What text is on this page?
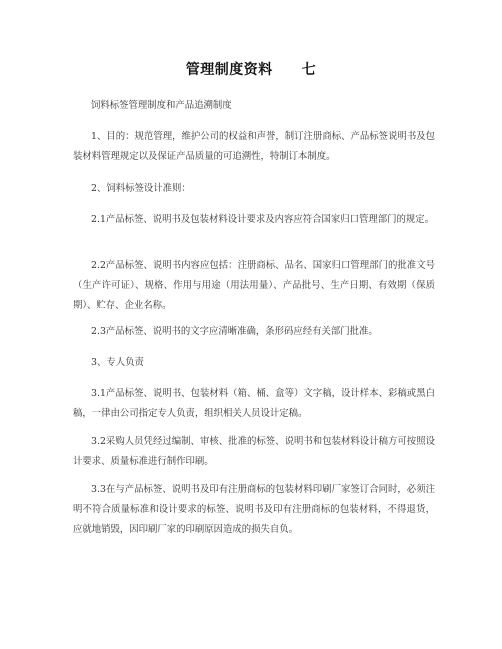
管理制度资料　　七

饲料标签管理制度和产品追溯制度

1、目的：规范管理，维护公司的权益和声誉，制订注册商标、产品标签说明书及包装材料管理规定以及保证产品质量的可追溯性，特制订本制度。

2、饲料标签设计准则：

2.1产品标签、说明书及包装材料设计要求及内容应符合国家归口管理部门的规定。

2.2产品标签、说明书内容应包括：注册商标、品名、国家归口管理部门的批准文号（生产许可证）、规格、作用与用途（用法用量）、产品批号、生产日期、有效期（保质期）、贮存、企业名称。

2.3产品标签、说明书的文字应清晰准确，条形码应经有关部门批准。

3、专人负责

3.1产品标签、说明书、包装材料（箱、桶、盒等）文字稿，设计样本、彩稿或黑白稿，一律由公司指定专人负责，组织相关人员设计定稿。

3.2采购人员凭经过编制、审核、批准的标签、说明书和包装材料设计稿方可按照设计要求、质量标准进行制作印刷。

3.3在与产品标签、说明书及印有注册商标的包装材料印刷厂家签订合同时，必须注明不符合质量标准和设计要求的标签、说明书及印有注册商标的包装材料，不得退货，应就地销毁，因印刷厂家的印刷原因造成的损失自负。
